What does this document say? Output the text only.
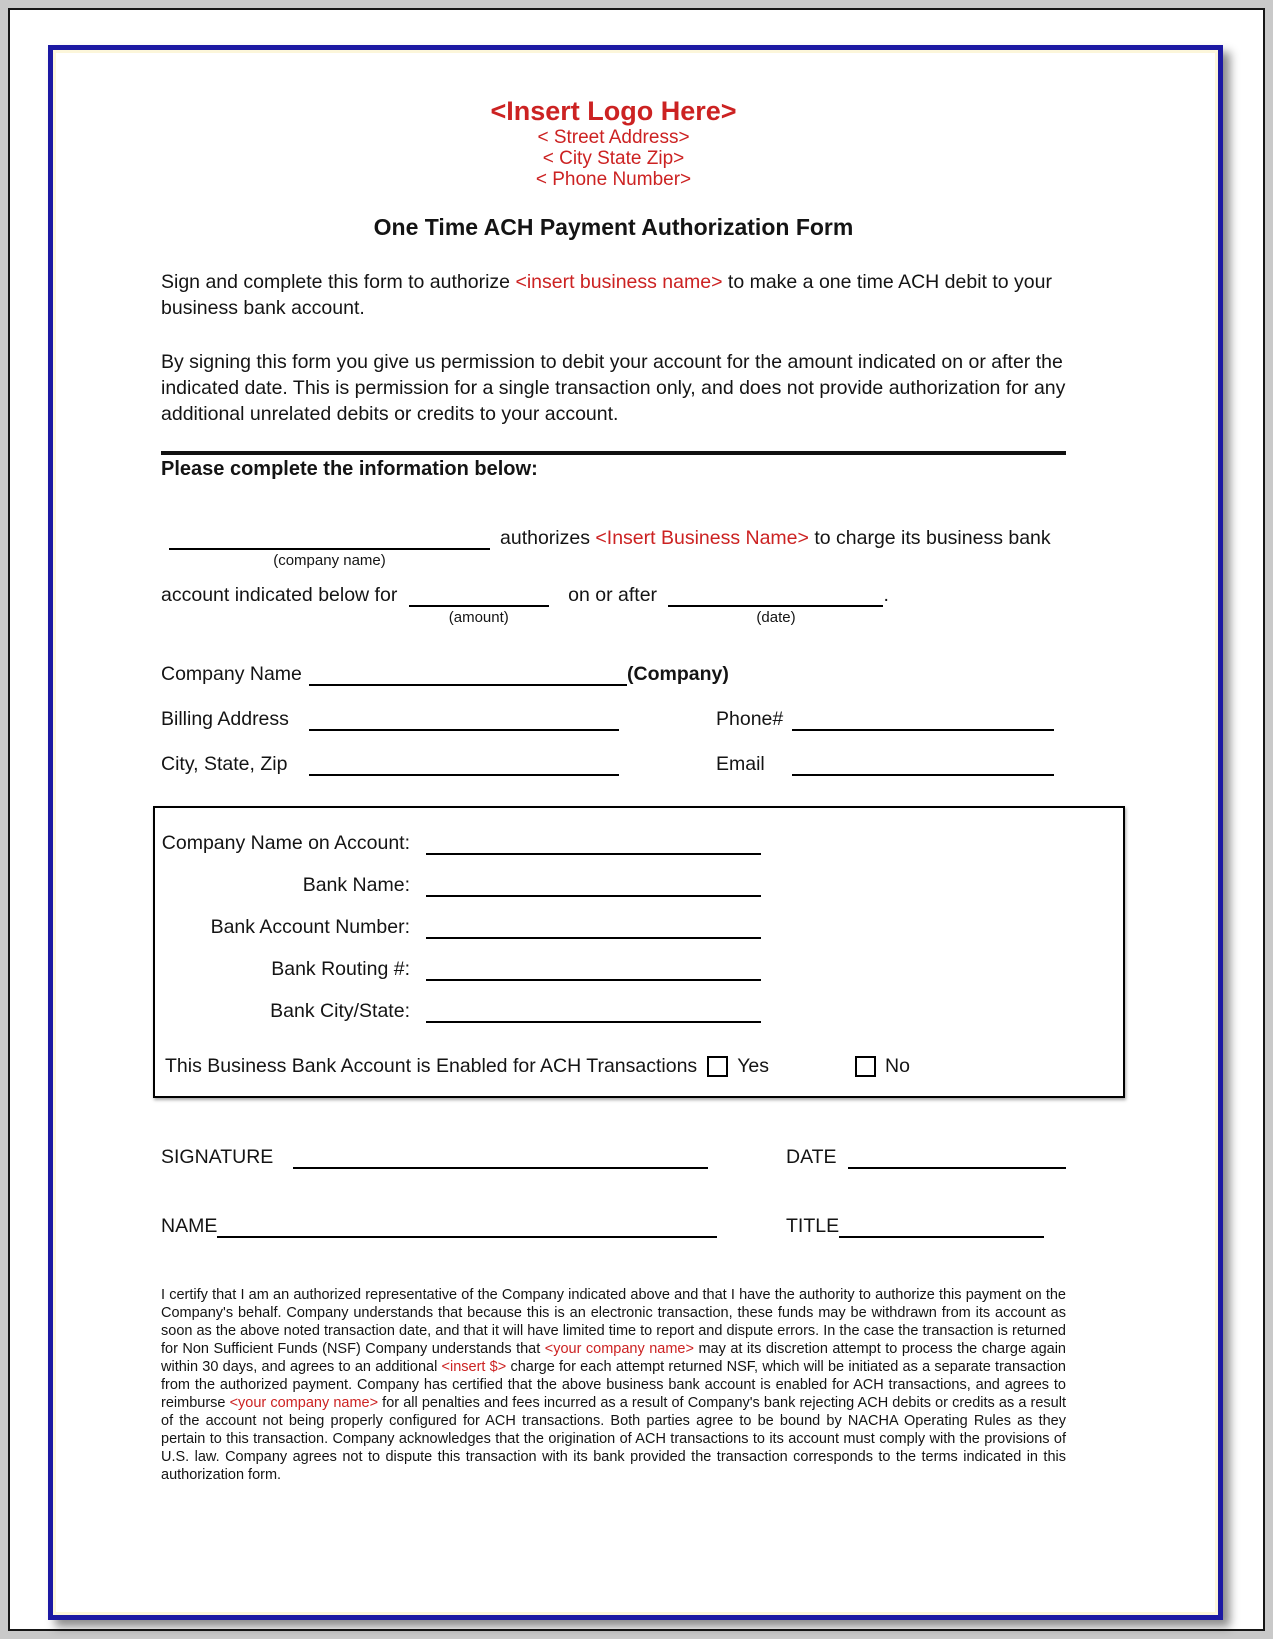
<Insert Logo Here>
< Street Address>
< City State Zip>
< Phone Number>
One Time ACH Payment Authorization Form
Sign and complete this form to authorize <insert business name> to make a one time ACH debit to your business bank account.
By signing this form you give us permission to debit your account for the amount indicated on or after the indicated date. This is permission for a single transaction only, and does not provide authorization for any additional unrelated debits or credits to your account.
Please complete the information below:
(company name)
authorizes <Insert Business Name> to charge its business bank
account indicated below for
(amount)
on or after
(date)
.
Company Name	(Company)
Billing Address	Phone#
City, State, Zip	Email
Company Name on Account:
Bank Name:
Bank Account Number:
Bank Routing #:
Bank City/State:
This Business Bank Account is Enabled for ACH Transactions Yes	No
SIGNATURE	DATE
NAME	TITLE
I certify that I am an authorized representative of the Company indicated above and that I have the authority to authorize this payment on the Company's behalf. Company understands that because this is an electronic transaction, these funds may be withdrawn from its account as soon as the above noted transaction date, and that it will have limited time to report and dispute errors. In the case the transaction is returned for Non Sufficient Funds (NSF) Company understands that <your company name> may at its discretion attempt to process the charge again within 30 days, and agrees to an additional <insert $> charge for each attempt returned NSF, which will be initiated as a separate transaction from the authorized payment. Company has certified that the above business bank account is enabled for ACH transactions, and agrees to reimburse <your company name> for all penalties and fees incurred as a result of Company's bank rejecting ACH debits or credits as a result of the account not being properly configured for ACH transactions. Both parties agree to be bound by NACHA Operating Rules as they pertain to this transaction. Company acknowledges that the origination of ACH transactions to its account must comply with the provisions of U.S. law. Company agrees not to dispute this transaction with its bank provided the transaction corresponds to the terms indicated in this authorization form.
